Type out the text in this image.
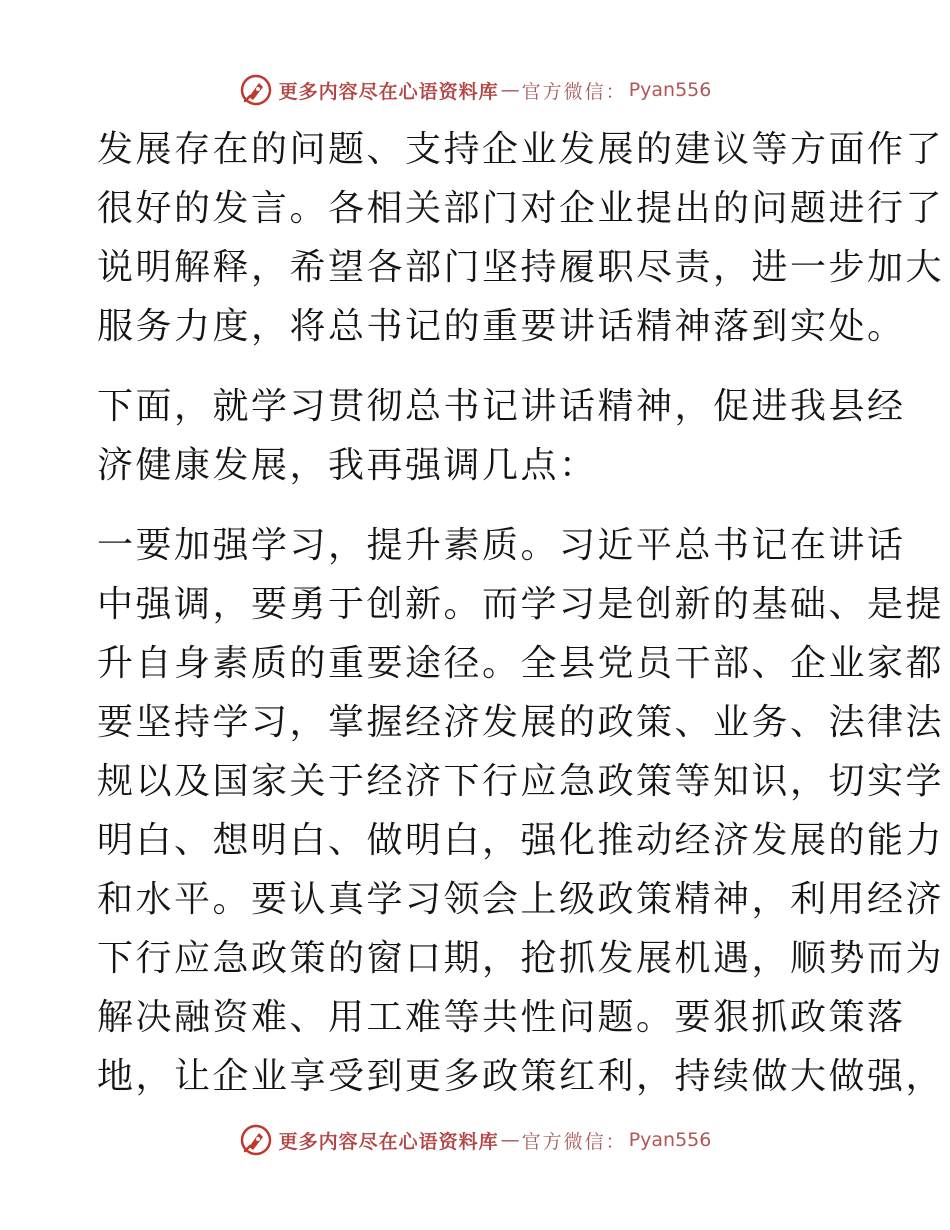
更多内容尽在心语资料库 — 官方微信： Pyan556
发展存在的问题、支持企业发展的建议等方面作了
很好的发言。各相关部门对企业提出的问题进行了
说明解释，希望各部门坚持履职尽责，进一步加大
服务力度，将总书记的重要讲话精神落到实处。
下面，就学习贯彻总书记讲话精神，促进我县经
济健康发展，我再强调几点：
一要加强学习，提升素质。习近平总书记在讲话
中强调，要勇于创新。而学习是创新的基础、是提
升自身素质的重要途径。全县党员干部、企业家都
要坚持学习，掌握经济发展的政策、业务、法律法
规以及国家关于经济下行应急政策等知识，切实学
明白、想明白、做明白，强化推动经济发展的能力
和水平。要认真学习领会上级政策精神，利用经济
下行应急政策的窗口期，抢抓发展机遇，顺势而为
解决融资难、用工难等共性问题。要狠抓政策落
地，让企业享受到更多政策红利，持续做大做强，
更多内容尽在心语资料库 — 官方微信： Pyan556
